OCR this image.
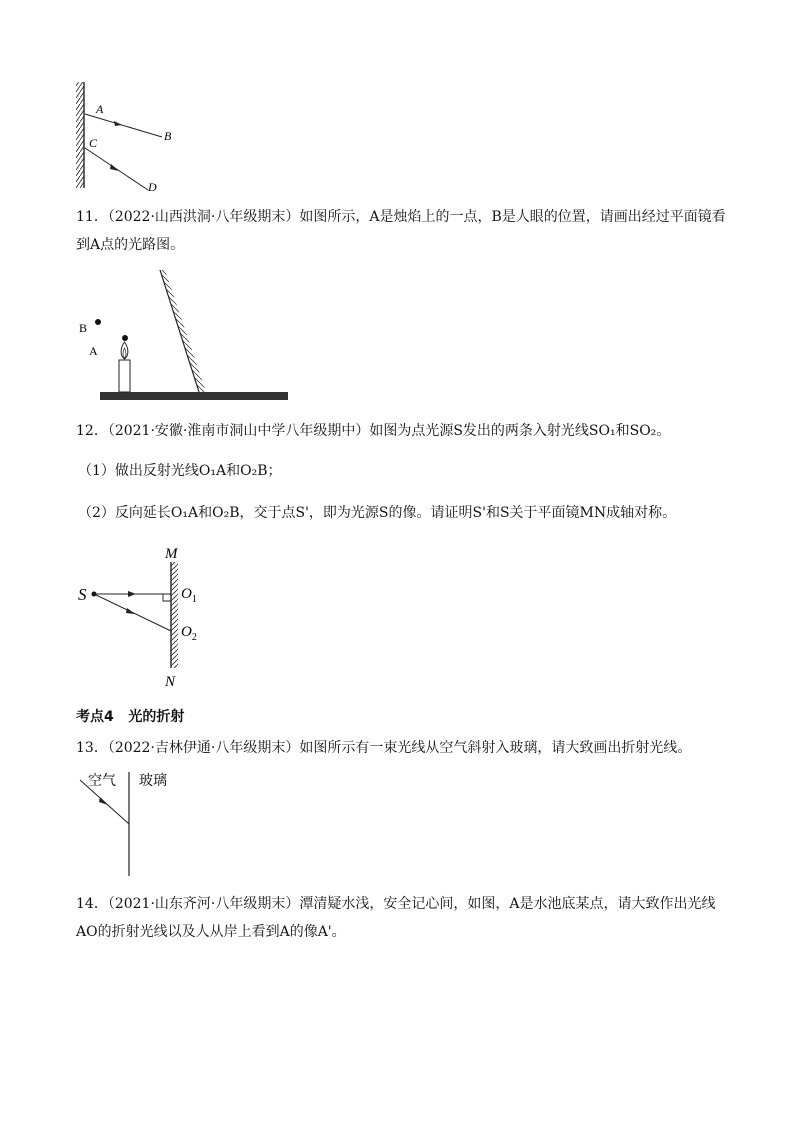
A
B
C
D

11．（2022·山西洪洞·八年级期末）如图所示，A是烛焰上的一点，B是人眼的位置，请画出经过平面镜看到A点的光路图。

B
A

12．（2021·安徽·淮南市洞山中学八年级期中）如图为点光源S发出的两条入射光线SO₁和SO₂。

（1）做出反射光线O₁A和O₂B；

（2）反向延长O₁A和O₂B，交于点S'，即为光源S的像。请证明S'和S关于平面镜MN成轴对称。

S
M
N
$O_1$
$O_2$
考点4   光的折射

13．（2022·吉林伊通·八年级期末）如图所示有一束光线从空气斜射入玻璃，请大致画出折射光线。

空气 玻璃

14．（2021·山东齐河·八年级期末）潭清疑水浅，安全记心间，如图，A是水池底某点，请大致作出光线AO的折射光线以及人从岸上看到A的像A'。
